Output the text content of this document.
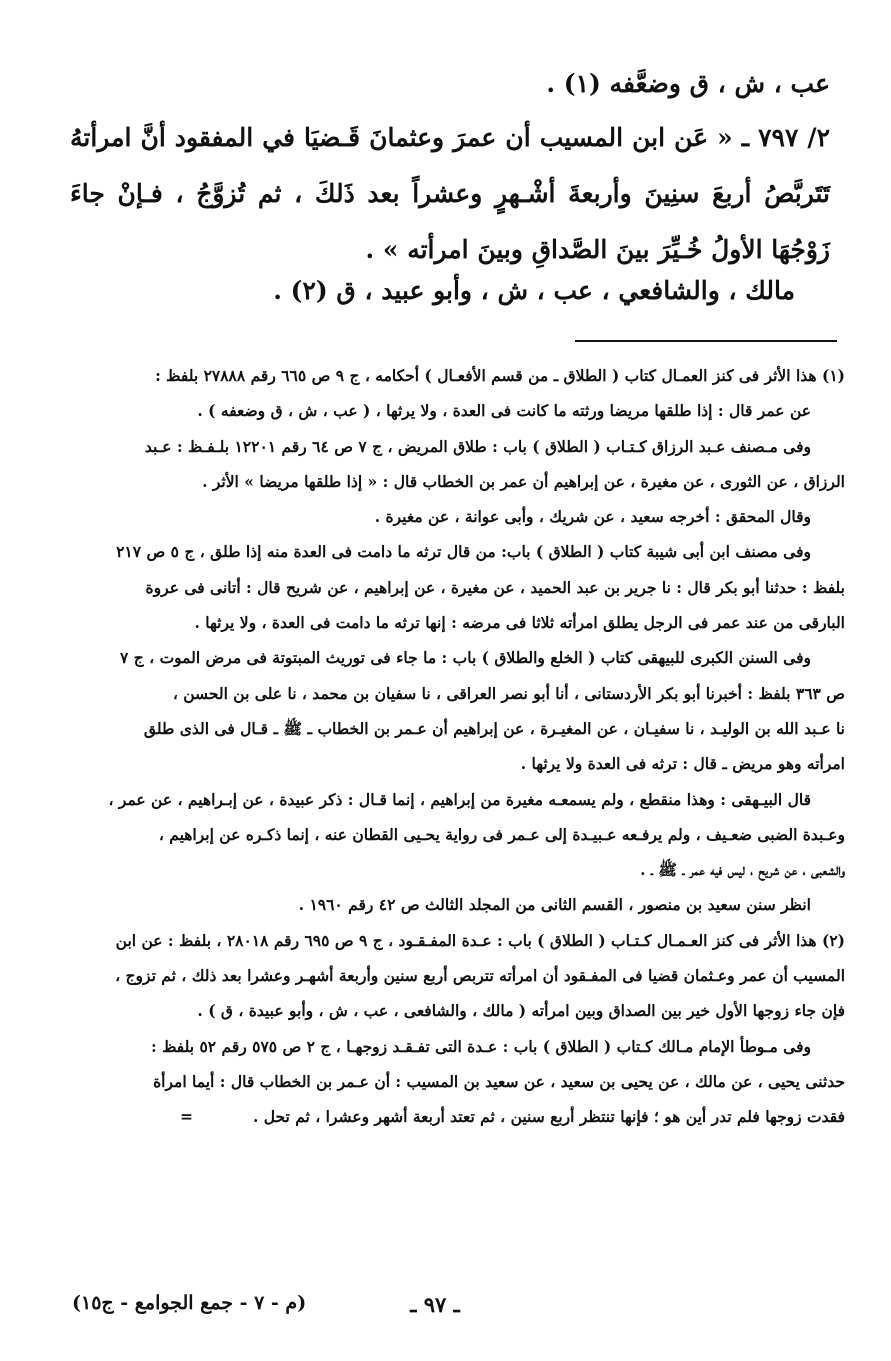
عب ، ش ، ق وضعَّفه (١) .
٢/ ٧٩٧ ـ « عَن ابن المسيب أن عمرَ وعثمانَ قَـضيَا في المفقود أنَّ امرأتهُ تَتَربَّصُ أربعَ سنِينَ وأربعةَ أشْـهرٍ وعشراً بعد ذَلكَ ، ثم تُزوَّجُ ، فـإنْ جاءَ زَوْجُهَا الأولُ خُـيِّرَ بينَ الصَّداقِ وبينَ امرأته » .
مالك ، والشافعي ، عب ، ش ، وأبو عبيد ، ق (٢) .

(١) هذا الأثر فى كنز العمـال كتاب ( الطلاق ـ من قسم الأفعـال ) أحكامه ، ج ٩ ص ٦٦٥ رقم ٢٧٨٨٨ بلفظ :

عن عمر قال : إذا طلقها مريضا ورثته ما كانت فى العدة ، ولا يرثها ، ( عب ، ش ، ق وضعفه ) .

وفى مـصنف عـبد الرزاق كـتـاب ( الطلاق ) باب : طلاق المريض ، ج ٧ ص ٦٤ رقم ١٢٢٠١ بلـفـظ : عـبد

الرزاق ، عن الثورى ، عن مغيرة ، عن إبراهيم أن عمر بن الخطاب قال : « إذا طلقها مريضا » الأثر .

وقال المحقق : أخرجه سعيد ، عن شريك ، وأبى عوانة ، عن مغيرة .

وفى مصنف ابن أبى شيبة كتاب ( الطلاق ) باب: من قال ترثه ما دامت فى العدة منه إذا طلق ، ج ٥ ص ٢١٧

بلفظ : حدثنا أبو بكر قال : نا جرير بن عبد الحميد ، عن مغيرة ، عن إبراهيم ، عن شريح قال : أتانى فى عروة

البارقى من عند عمر فى الرجل يطلق امرأته ثلاثا فى مرضه : إنها ترثه ما دامت فى العدة ، ولا يرثها .

وفى السنن الكبرى للبيهقى كتاب ( الخلع والطلاق ) باب : ما جاء فى توريث المبتوتة فى مرض الموت ، ج ٧

ص ٣٦٣ بلفظ : أخبرنا أبو بكر الأردستانى ، أنا أبو نصر العراقى ، نا سفيان بن محمد ، نا على بن الحسن ،

نا عـبد الله بن الوليـد ، نا سفيـان ، عن المغيـرة ، عن إبراهيم أن عـمر بن الخطاب ـ ﷺ ـ قـال فى الذى طلق

امرأته وهو مريض ـ قال : ترثه فى العدة ولا يرثها .

قال البيـهقى : وهذا منقطع ، ولم يسمعـه مغيرة من إبراهيم ، إنما قـال : ذكر عبيدة ، عن إبـراهيم ، عن عمر ،

وعـبدة الضبى ضعـيف ، ولم يرفـعه عـبيـدة إلى عـمر فى رواية يحـيى القطان عنه ، إنما ذكـره عن إبراهيم ،

والشعبى ، عن شريح ، ليس فيه عمر ـ ﷺ ـ .

انظر سنن سعيد بن منصور ، القسم الثانى من المجلد الثالث ص ٤٢ رقم ١٩٦٠ .

(٢) هذا الأثر فى كنز العـمـال كـتـاب ( الطلاق ) باب : عـدة المفـقـود ، ج ٩ ص ٦٩٥ رقم ٢٨٠١٨ ، بلفظ : عن ابن

المسيب أن عمر وعـثمان قضيا فى المفـقود أن امرأته تتربص أربع سنين وأربعة أشهـر وعشرا بعد ذلك ، ثم تزوج ،

فإن جاء زوجها الأول خير بين الصداق وبين امرأته ( مالك ، والشافعى ، عب ، ش ، وأبو عبيدة ، ق ) .

وفى مـوطأ الإمام مـالك كـتاب ( الطلاق ) باب : عـدة التى تفـقـد زوجهـا ، ج ٢ ص ٥٧٥ رقم ٥٢ بلفظ :

حدثنى يحيى ، عن مالك ، عن يحيى بن سعيد ، عن سعيد بن المسيب : أن عـمر بن الخطاب قال : أيما امرأة

فقدت زوجها فلم تدر أين هو ؛ فإنها تنتظر أربع سنين ، ثم تعتد أربعة أشهر وعشرا ، ثم تحل .=

ـ ٩٧ ـ
(م - ٧ - جمع الجوامع - ج١٥)
